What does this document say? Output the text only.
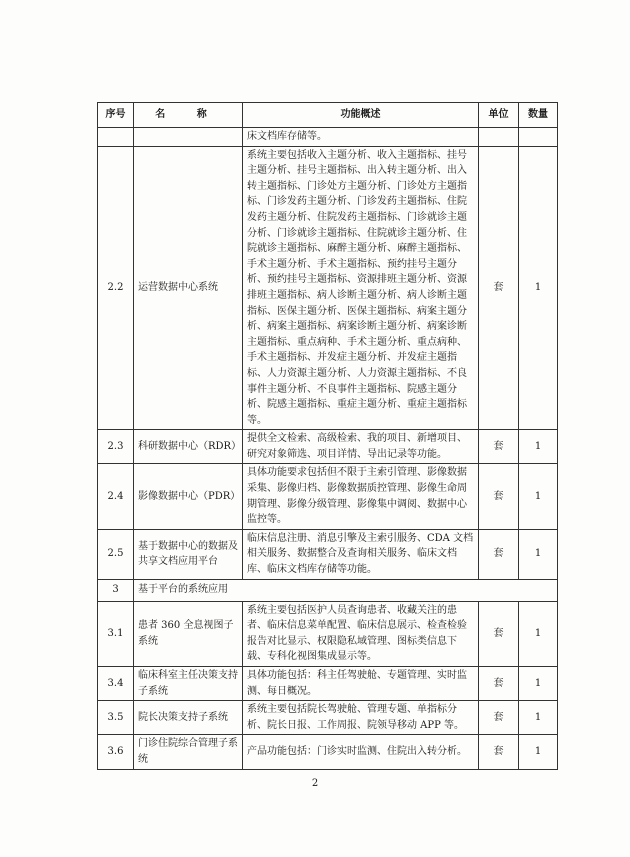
序号	名 称	功能概述	单位	数量
		床文档库存储等。		
2.2	运营数据中心系统	系统主要包括收入主题分析、收入主题指标、挂号主题分析、挂号主题指标、出入转主题分析、出入转主题指标、门诊处方主题分析、门诊处方主题指标、门诊发药主题分析、门诊发药主题指标、住院发药主题分析、住院发药主题指标、门诊就诊主题分析、门诊就诊主题指标、住院就诊主题分析、住院就诊主题指标、麻醉主题分析、麻醉主题指标、手术主题分析、手术主题指标、预约挂号主题分析、预约挂号主题指标、资源排班主题分析、资源排班主题指标、病人诊断主题分析、病人诊断主题指标、医保主题分析、医保主题指标、病案主题分析、病案主题指标、病案诊断主题分析、病案诊断主题指标、重点病种、手术主题分析、重点病种、手术主题指标、并发症主题分析、并发症主题指标、人力资源主题分析、人力资源主题指标、不良事件主题分析、不良事件主题指标、院感主题分析、院感主题指标、重症主题分析、重症主题指标等。	套	1
2.3	科研数据中心（RDR）	提供全文检索、高级检索、我的项目、新增项目、研究对象筛选、项目详情、导出记录等功能。	套	1
2.4	影像数据中心（PDR）	具体功能要求包括但不限于主索引管理、影像数据采集、影像归档、影像数据质控管理、影像生命周期管理、影像分级管理、影像集中调阅、数据中心监控等。	套	1
2.5	基于数据中心的数据及共享文档应用平台	临床信息注册、消息引擎及主索引服务、CDA 文档相关服务、数据整合及查询相关服务、临床文档库、临床文档库存储等功能。	套	1
3	基于平台的系统应用			
3.1	患者 360 全息视图子系统	系统主要包括医护人员查询患者、收藏关注的患者、临床信息菜单配置、临床信息展示、检查检验报告对比显示、权限隐私域管理、图标类信息下载、专科化视图集成显示等。	套	1
3.4	临床科室主任决策支持子系统	具体功能包括：科主任驾驶舱、专题管理、实时监测、每日概况。	套	1
3.5	院长决策支持子系统	系统主要包括院长驾驶舱、管理专题、单指标分析、院长日报、工作周报、院领导移动 APP 等。	套	1
3.6	门诊住院综合管理子系统	产品功能包括：门诊实时监测、住院出入转分析。	套	1
2
